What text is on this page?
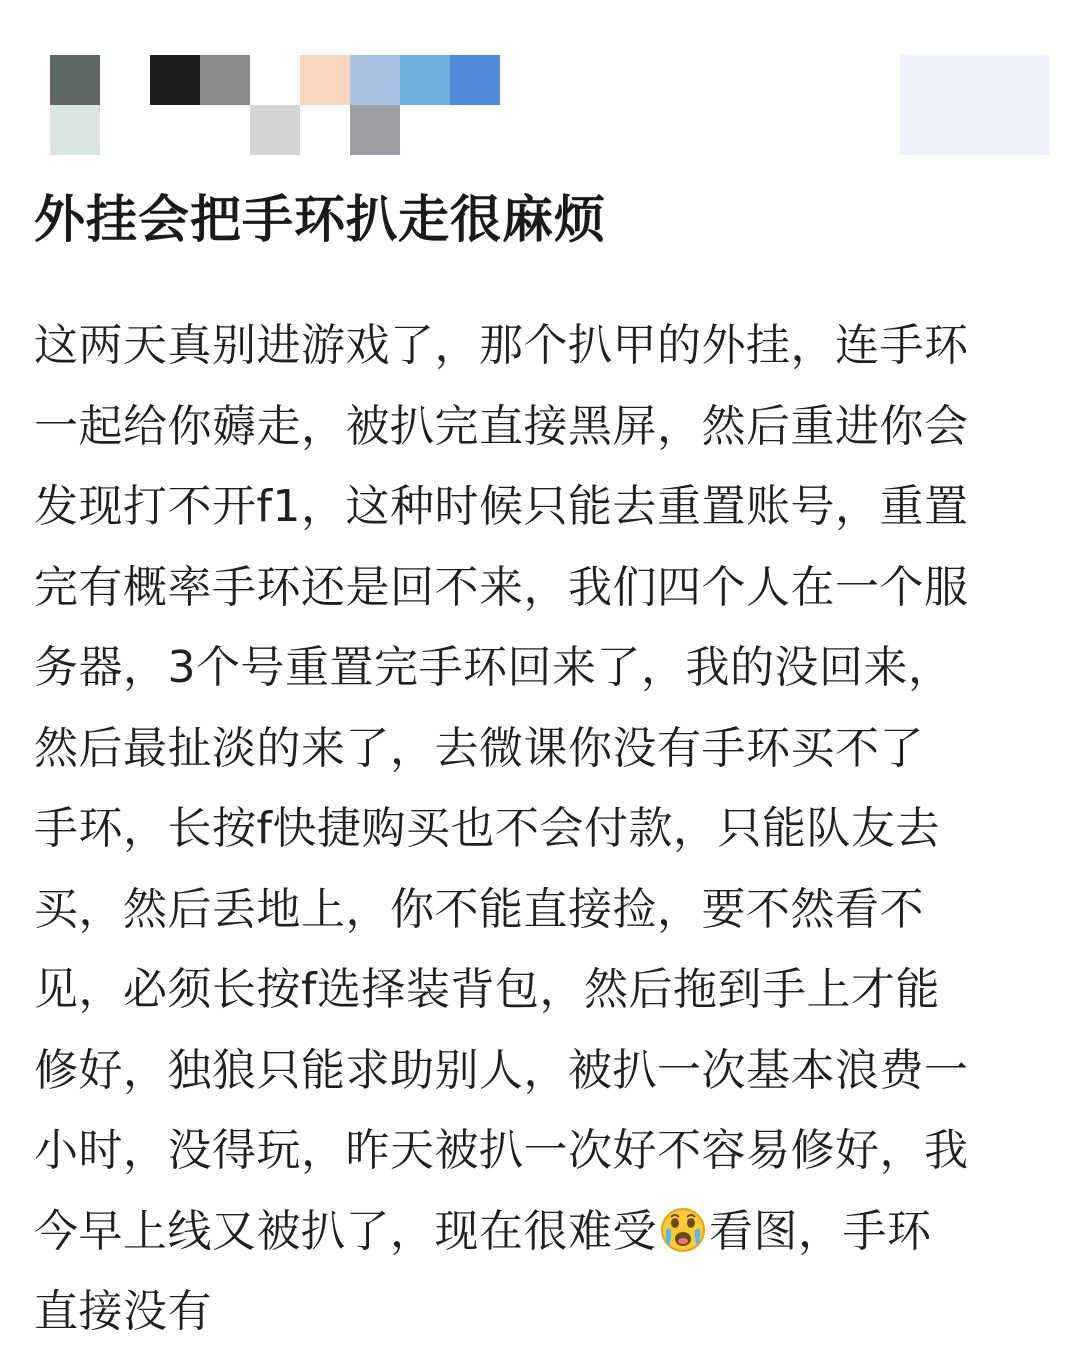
外挂会把手环扒走很麻烦
这两天真别进游戏了，那个扒甲的外挂，连手环
一起给你薅走，被扒完直接黑屏，然后重进你会
发现打不开f1，这种时候只能去重置账号，重置
完有概率手环还是回不来，我们四个人在一个服
务器，3个号重置完手环回来了，我的没回来，
然后最扯淡的来了，去微课你没有手环买不了
手环，长按f快捷购买也不会付款，只能队友去
买，然后丢地上，你不能直接捡，要不然看不
见，必须长按f选择装背包，然后拖到手上才能
修好，独狼只能求助别人，被扒一次基本浪费一
小时，没得玩，昨天被扒一次好不容易修好，我
今早上线又被扒了，现在很难受 看图，手环
直接没有
